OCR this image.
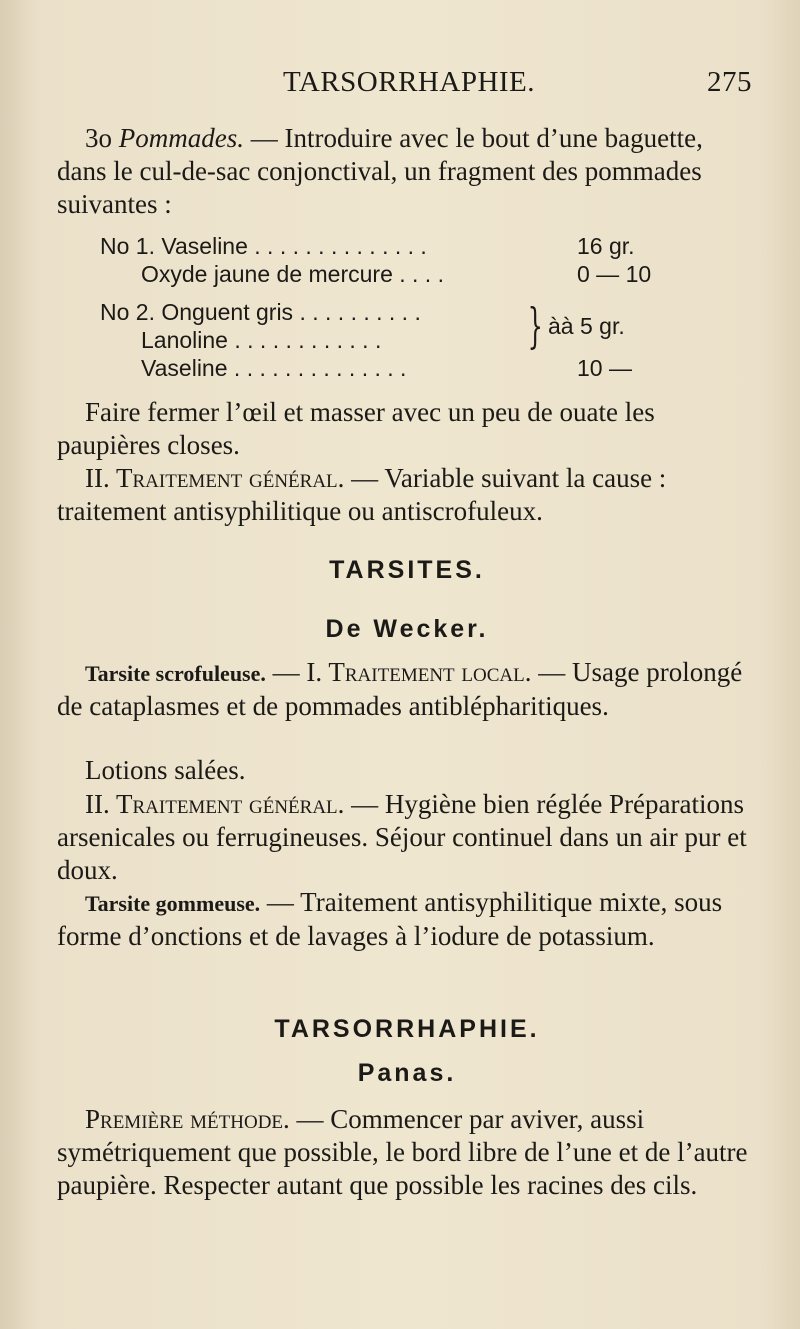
TARSORRHAPHIE.	275

3o Pommades. — Introduire avec le bout d’une baguette, dans le cul-de-sac conjonctival, un fragment des pommades suivantes :

No 1. Vaseline . . . . . . . . . . . . . .	16 gr.
Oxyde jaune de mercure . . . .	0 — 10
No 2. Onguent gris . . . . . . . . . .
Lanoline . . . . . . . . . . . .	} àà 5 gr.
Vaseline . . . . . . . . . . . . . .	10 —

Faire fermer l’œil et masser avec un peu de ouate les paupières closes.

II. Traitement général. — Variable suivant la cause : traitement antisyphilitique ou antiscrofuleux.

TARSITES.

De Wecker.

Tarsite scrofuleuse. — I. Traitement local. — Usage prolongé de cataplasmes et de pommades antiblépharitiques.

Lotions salées.

II. Traitement général. — Hygiène bien réglée Préparations arsenicales ou ferrugineuses. Séjour continuel dans un air pur et doux.

Tarsite gommeuse. — Traitement antisyphilitique mixte, sous forme d’onctions et de lavages à l’iodure de potassium.

TARSORRHAPHIE.

Panas.

Première méthode. — Commencer par aviver, aussi symétriquement que possible, le bord libre de l’une et de l’autre paupière. Respecter autant que possible les racines des cils.
